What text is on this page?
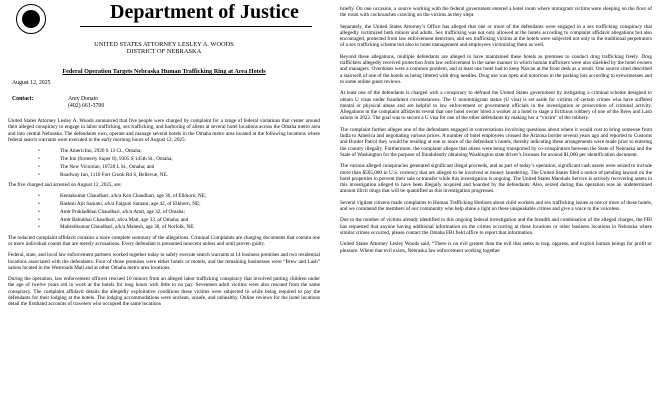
Department of Justice
UNITED STATES ATTORNEY LESLEY A. WOODS
DISTRICT OF NEBRASKA
Federal Operation Targets Nebraska Human Trafficking Ring at Area Hotels
August 12, 2025
Contact:	Amy Donato
(402) 661-3700

United States Attorney Lesley A. Woods announced that five people were charged by complaint for a range of federal violations that center around their alleged conspiracy to engage in labor trafficking, sex trafficking, and harboring of aliens at several hotel locations across the Omaha metro area and into central Nebraska. The defendants own, operate and manage several hotels in the Omaha metro area located at the following locations where federal search warrants were executed in the early morning hours of August 12, 2025:

• The AmericInn, 2920 S 13 Ct., Omaha;
• The Inn (formerly Super 8), 9305 S 145th St., Omaha;
• The New Victorian, 10728 L St., Omaha; and
• Roadway Inn, 1110 Fort Crook Rd S, Bellevue, NE.

The five charged and arrested on August 12, 2025, are:

• Kentakumar Chaudhari, a/k/a Ken Chaudhari, age 36, of Elkhorn, NE;
• Rashmi Ajit Samani, a/k/a Falguni Samani, age 42, of Elkhorn, NE;
• Amit Prahladbhai Chaudhari, a/k/a Amit, age 32, of Omaha;
• Amit Babubhai Chaudhari, a/k/a Matt, age 33, of Omaha; and
• Maheshkumar Chaudhari, a/k/a Mahesh, age 38, of Norfolk, NE.

The redacted complaint affidavit contains a more complete summary of the allegations. Criminal Complaints are charging documents that contain one or more individual counts that are merely accusations. Every defendant is presumed innocent unless and until proven guilty.

Federal, state, and local law enforcement partners worked together today to safely execute search warrants at 14 business premises and two residential locations associated with the defendants. Four of those premises were either hotels or motels, and the remaining businesses were “Brew and Lash” salons located in the Westroads Mall and at other Omaha metro area locations.

During the operation, law enforcement officers rescued 10 minors from an alleged labor trafficking conspiracy that involved putting children under the age of twelve years old to work at the hotels for long hours with little to no pay. Seventeen adult victims were also rescued from the same conspiracy. The complaint affidavit details the allegedly exploitative conditions these victims were subjected to while being required to pay the defendants for their lodging at the hotels. The lodging accommodations were unclean, unsafe, and unhealthy. Online reviews for the hotel locations detail the firsthand accounts of travelers who occupied the same locations

briefly. On one occasion, a source working with the federal government entered a hotel room where immigrant victims were sleeping on the floor of the room with cockroaches crawling on the victims as they slept.

Separately, the United States Attorney’s Office has alleged that one or more of the defendants were engaged in a sex trafficking conspiracy that allegedly victimized both minors and adults. Sex trafficking was not only allowed at the hotels according to complaint affidavit allegations but also encouraged, protected from law enforcement detection, and sex trafficking victims at the hotels were subjected not only to the traditional perpetrators of a sex trafficking scheme but also to hotel management and employees victimizing them as well.

Beyond these allegations, multiple defendants are alleged to have maintained these hotels as premises to conduct drug trafficking freely. Drug traffickers allegedly received protection from law enforcement in the same manner in which human traffickers were also shielded by the hotel owners and managers. Overdoses were a common problem, and at least one hotel had to keep Narcan at the front desk as a result. One source cited described a stairwell of one of the hotels as being littered with drug needles. Drug use was open and notorious in the parking lots according to eyewitnesses and to some online guest reviews.

At least one of the defendants is charged with a conspiracy to defraud the United States government by instigating a criminal scheme designed to obtain U visas under fraudulent circumstances. The U nonimmigrant status (U visa) is set aside for victims of certain crimes who have suffered mental or physical abuse and are helpful to law enforcement or government officials in the investigation or prosecution of criminal activity. Allegations in the complaint affidavits reveal that one hotel owner hired a worker at a hotel to stage a fictitious robbery of one of the Brew and Lash salons in 2022. The goal was to secure a U visa for one of the other defendants by making her a “victim” of the robbery.

The complaint further alleges one of the defendants engaged in conversations involving questions about where it would cost to bring someone from India to America and negotiating various prices. A number of hotel employees crossed the Arizona border several years ago and reported to Customs and Border Patrol they would be residing at one or more of the defendant’s hotels, thereby indicating these arrangements were made prior to entering the country illegally. Furthermore, the complaint alleges that aliens were being transported by co-conspirators between the State of Nebraska and the State of Washington for the purpose of fraudulently obtaining Washington state driver’s licenses for around $1,000 per identification document.

The various alleged conspiracies generated significant illegal proceeds, and as part of today’s operation, significant cash assets were seized to include more than $565,000 in U.S. currency that are alleged to be involved in money laundering. The United States filed a notice of pending lawsuit on the hotel properties to prevent their sale or transfer while this investigation is ongoing. The United States Marshals Service is actively recovering assets in this investigation alleged to have been illegally acquired and hoarded by the defendants. Also, seized during this operation was an undetermined amount illicit drugs that will be quantified as this investigation progresses.

Several vigilant citizens made complaints to Human Trafficking Hotlines about child workers and sex trafficking issues at one or more of these hotels, and we commend the members of our community who help shine a light on these unspeakable crimes and give a voice to the voiceless.

Due to the number of victims already identified in this ongoing federal investigation and the breadth and combination of the alleged charges, the FBI has requested that anyone having additional information on the crimes occurring at these locations or other business locations in Nebraska where similar crimes occurred, please contact the Omaha FBI field office to report that information.

United States Attorney Lesley Woods said, “There is no evil greater than the evil that seeks to trap, oppress, and exploit human beings for profit or pleasure. Where that evil exists, Nebraska law enforcement working together
